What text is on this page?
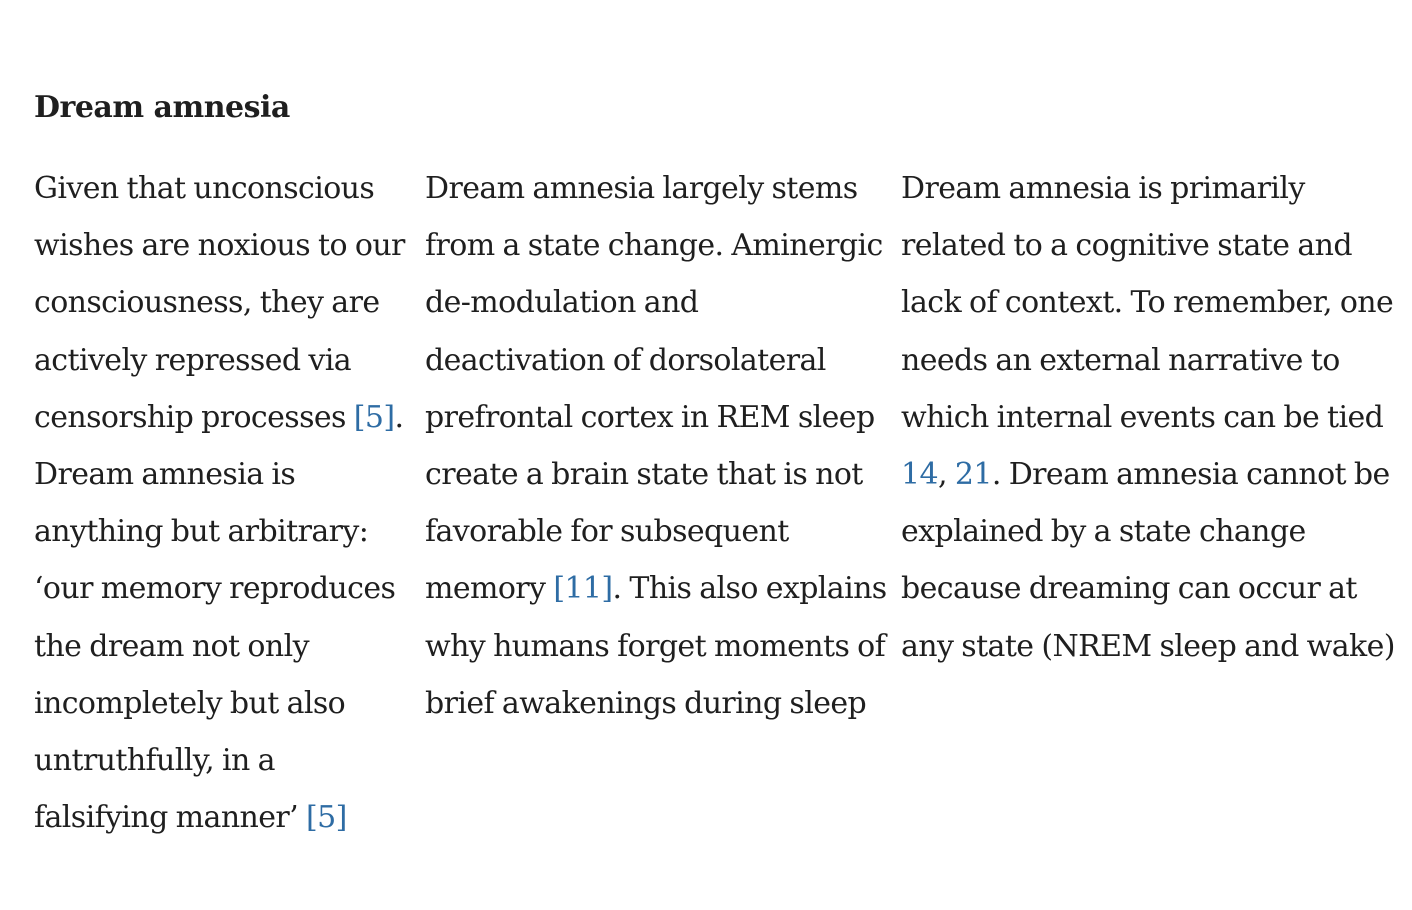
Dream amnesia
Given that unconscious
wishes are noxious to our
consciousness, they are
actively repressed via
censorship processes [5].
Dream amnesia is
anything but arbitrary:
‘our memory reproduces
the dream not only
incompletely but also
untruthfully, in a
falsifying manner’ [5]
Dream amnesia largely stems
from a state change. Aminergic
de-modulation and
deactivation of dorsolateral
prefrontal cortex in REM sleep
create a brain state that is not
favorable for subsequent
memory [11]. This also explains
why humans forget moments of
brief awakenings during sleep
Dream amnesia is primarily
related to a cognitive state and
lack of context. To remember, one
needs an external narrative to
which internal events can be tied
14, 21. Dream amnesia cannot be
explained by a state change
because dreaming can occur at
any state (NREM sleep and wake)
